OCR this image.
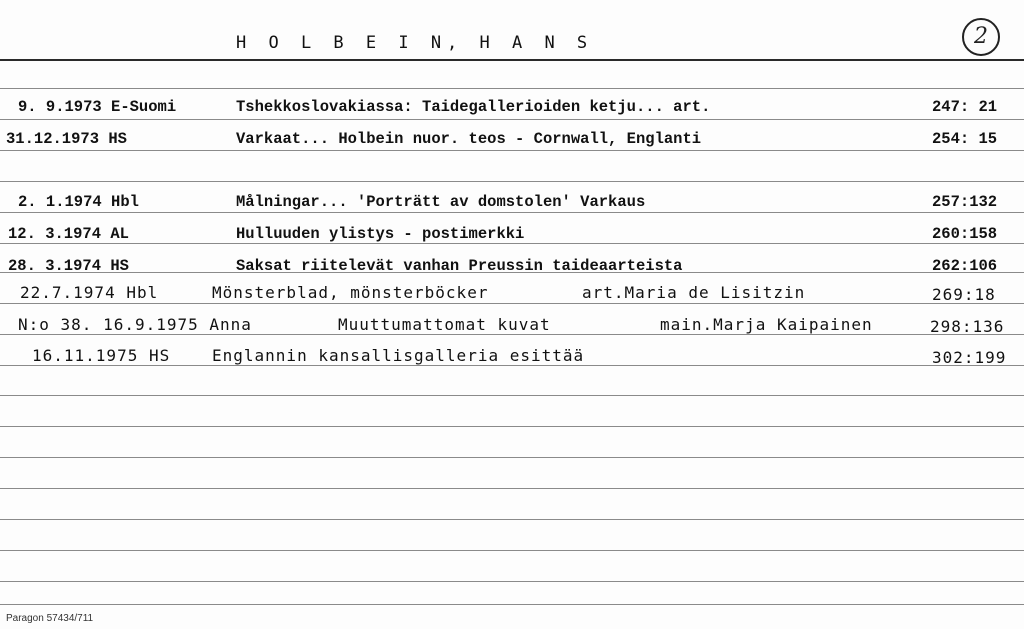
H O L B E I N, H A N S	2
9. 9.1973 E-Suomi	Tshekkoslovakiassa: Taidegallerioiden ketju... art.	247: 21
31.12.1973 HS	Varkaat... Holbein nuor. teos - Cornwall, Englanti	254: 15
2. 1.1974 Hbl	Målningar... 'Porträtt av domstolen' Varkaus	257:132
12. 3.1974 AL	Hulluuden ylistys - postimerkki	260:158
28. 3.1974 HS	Saksat riitelevät vanhan Preussin taideaarteista	262:106
22.7.1974 Hbl	Mönsterblad, mönsterböcker	art.Maria de Lisitzin	269:18
N:o 38. 16.9.1975 Anna	Muuttumattomat kuvat	main.Marja Kaipainen	298:136
16.11.1975 HS	Englannin kansallisgalleria esittää	302:199
Paragon 57434/711
